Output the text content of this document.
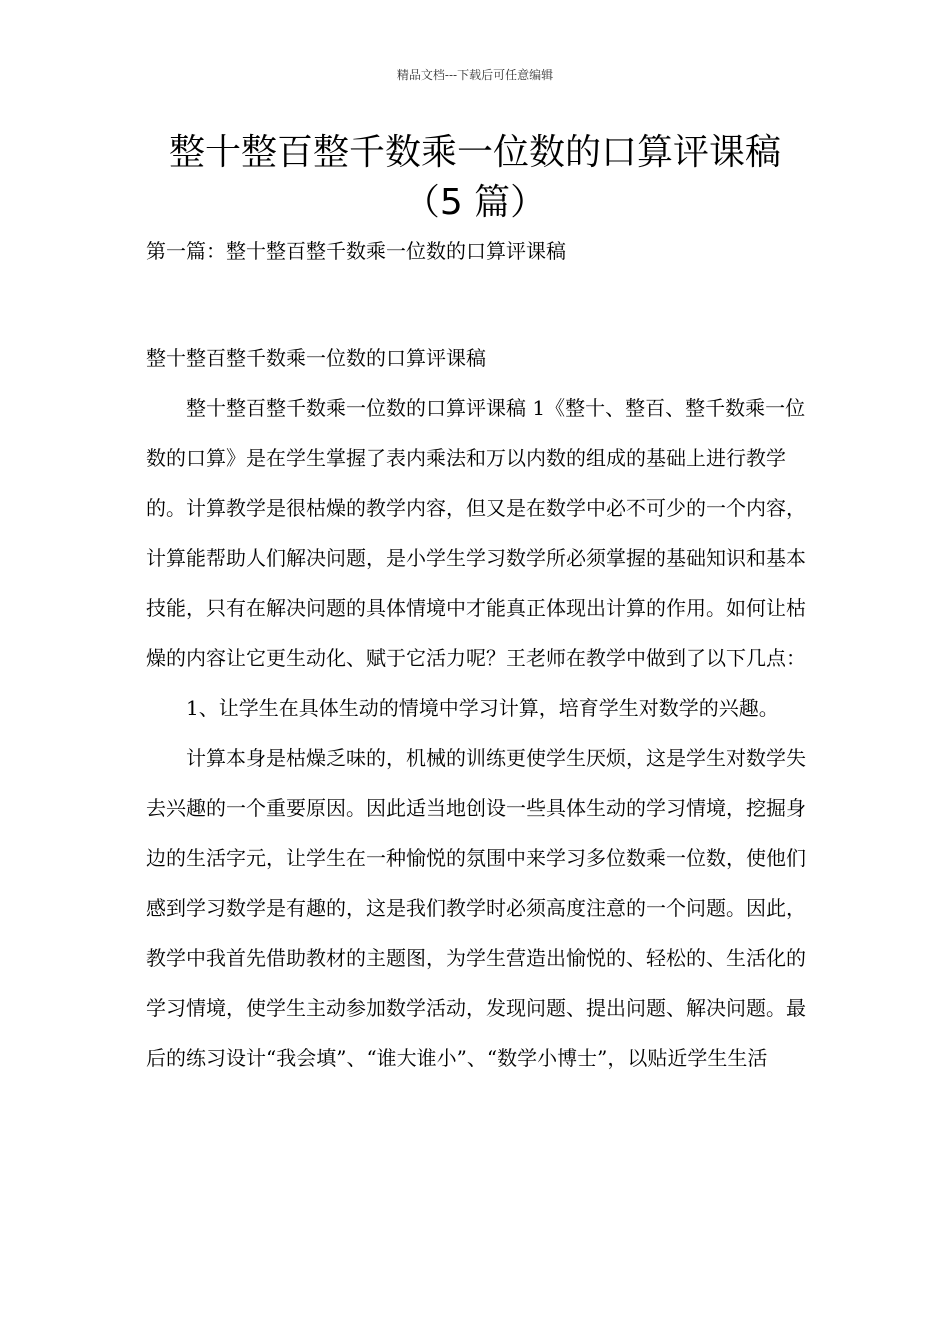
精品文档---下载后可任意编辑
整十整百整千数乘一位数的口算评课稿
（5 篇）
第一篇：整十整百整千数乘一位数的口算评课稿

整十整百整千数乘一位数的口算评课稿

整十整百整千数乘一位数的口算评课稿 1《整十、整百、整千数乘一位数的口算》是在学生掌握了表内乘法和万以内数的组成的基础上进行教学的。计算教学是很枯燥的教学内容，但又是在数学中必不可少的一个内容，计算能帮助人们解决问题，是小学生学习数学所必须掌握的基础知识和基本技能，只有在解决问题的具体情境中才能真正体现出计算的作用。如何让枯燥的内容让它更生动化、赋于它活力呢？王老师在教学中做到了以下几点：

1、让学生在具体生动的情境中学习计算，培育学生对数学的兴趣。

计算本身是枯燥乏味的，机械的训练更使学生厌烦，这是学生对数学失去兴趣的一个重要原因。因此适当地创设一些具体生动的学习情境，挖掘身边的生活字元，让学生在一种愉悦的氛围中来学习多位数乘一位数，使他们感到学习数学是有趣的，这是我们教学时必须高度注意的一个问题。因此，教学中我首先借助教材的主题图，为学生营造出愉悦的、轻松的、生活化的学习情境，使学生主动参加数学活动，发现问题、提出问题、解决问题。最后的练习设计“我会填”、“谁大谁小”、“数学小博士”，以贴近学生生活
